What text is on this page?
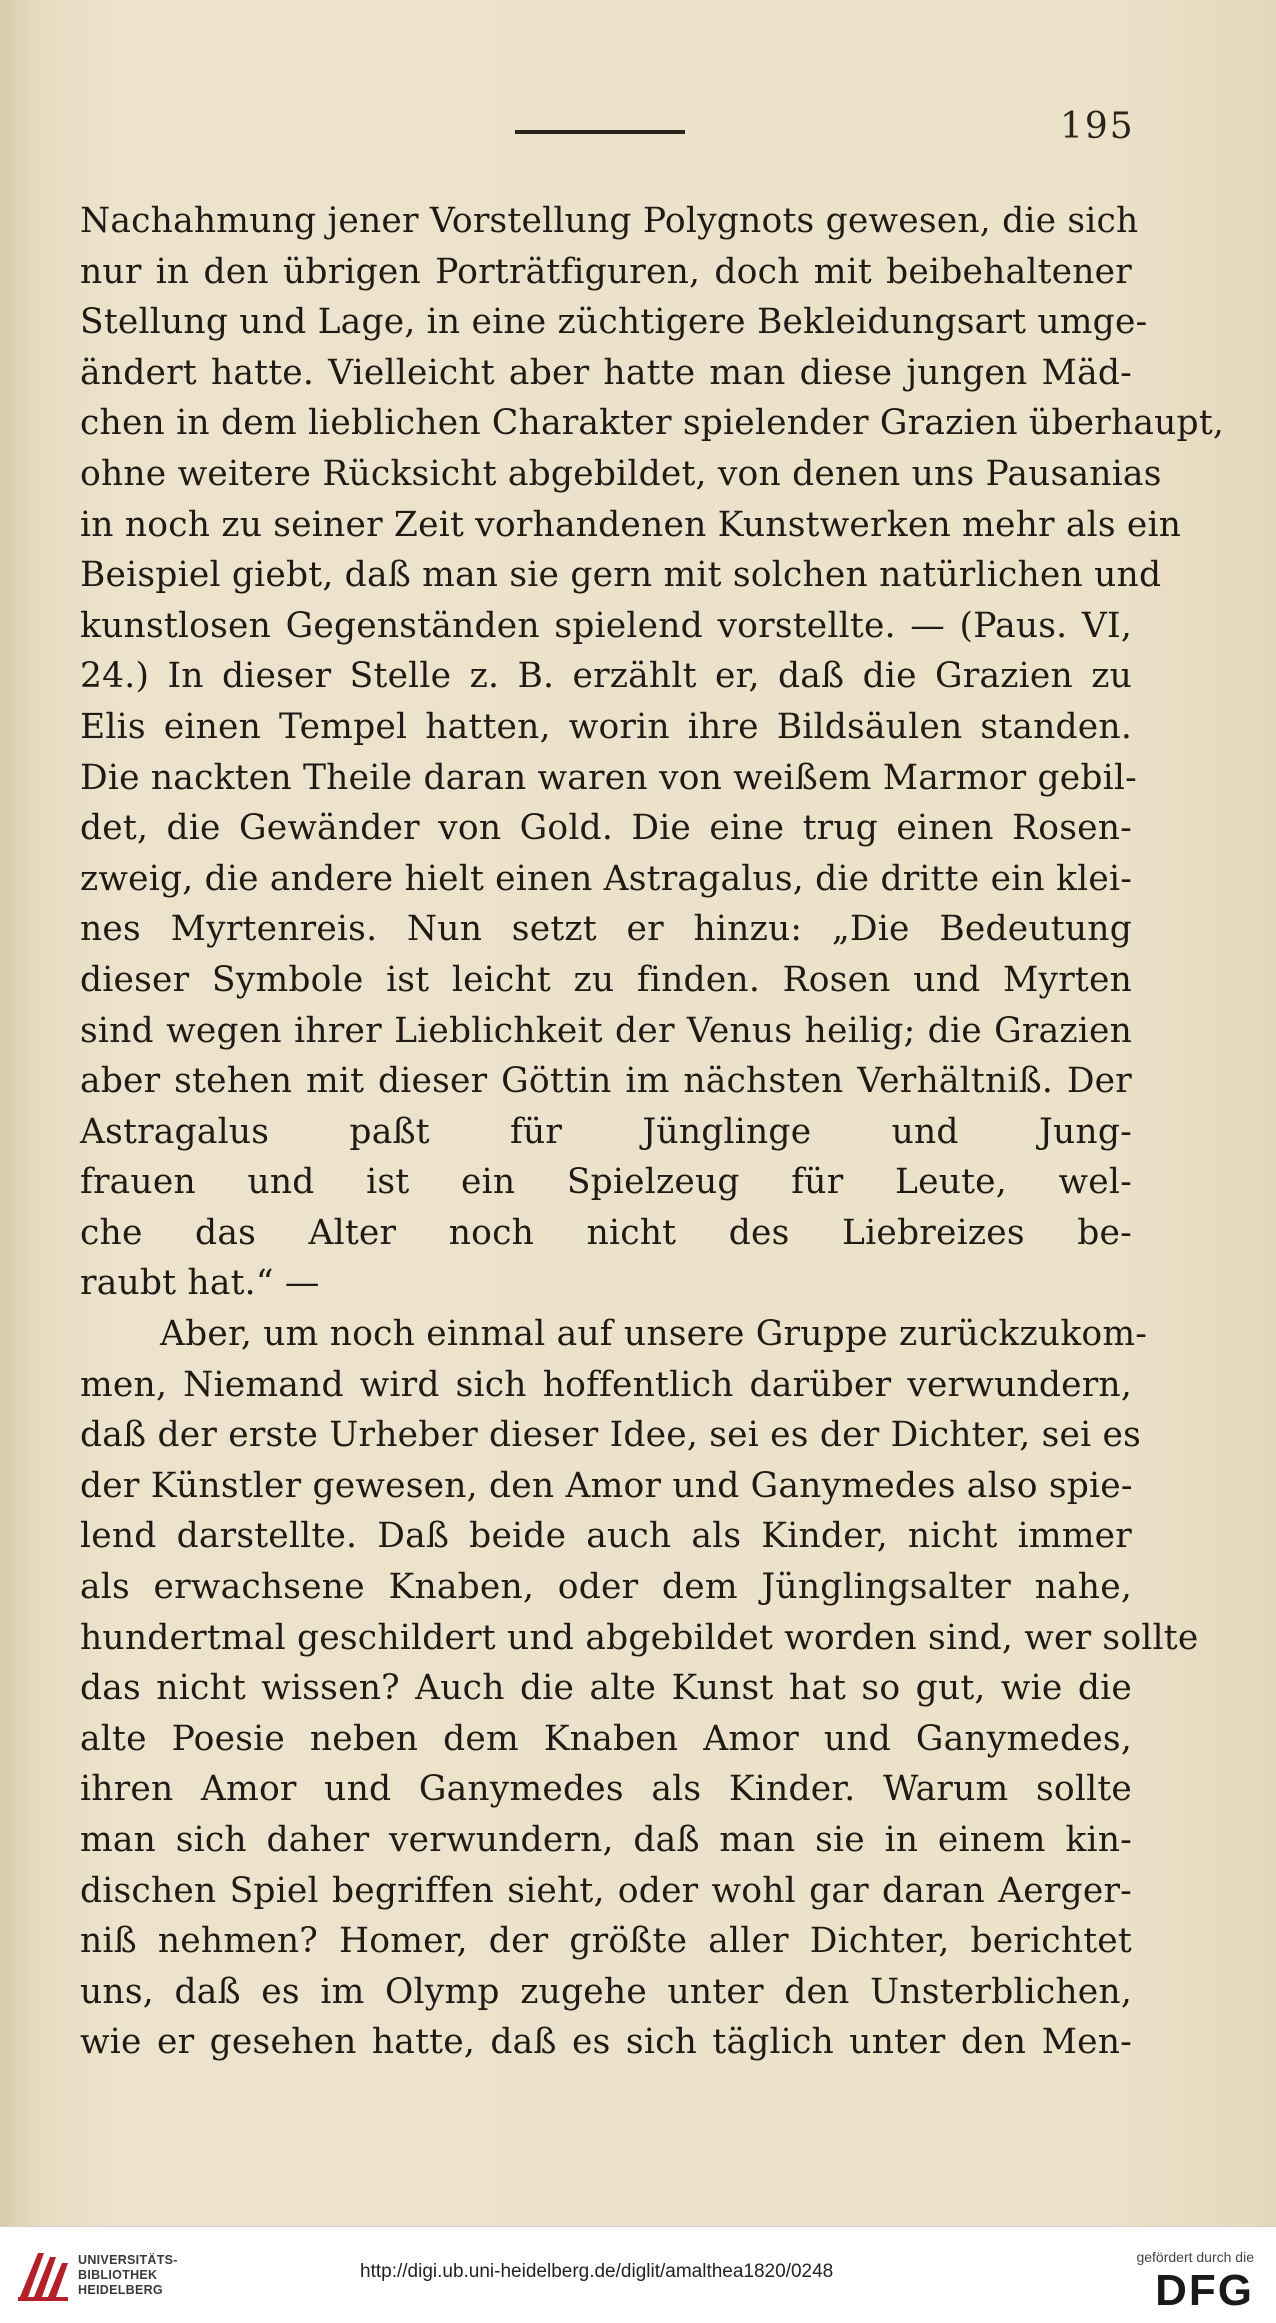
195
Nachahmung jener Vorstellung Polygnots gewesen, die sich
nur in den übrigen Porträtfiguren, doch mit beibehaltener
Stellung und Lage, in eine züchtigere Bekleidungsart umge-
ändert hatte. Vielleicht aber hatte man diese jungen Mäd-
chen in dem lieblichen Charakter spielender Grazien überhaupt,
ohne weitere Rücksicht abgebildet, von denen uns Pausanias
in noch zu seiner Zeit vorhandenen Kunstwerken mehr als ein
Beispiel giebt, daß man sie gern mit solchen natürlichen und
kunstlosen Gegenständen spielend vorstellte. — (Paus. VI,
24.) In dieser Stelle z. B. erzählt er, daß die Grazien zu
Elis einen Tempel hatten, worin ihre Bildsäulen standen.
Die nackten Theile daran waren von weißem Marmor gebil-
det, die Gewänder von Gold. Die eine trug einen Rosen-
zweig, die andere hielt einen Astragalus, die dritte ein klei-
nes Myrtenreis. Nun setzt er hinzu: „Die Bedeutung
dieser Symbole ist leicht zu finden. Rosen und Myrten
sind wegen ihrer Lieblichkeit der Venus heilig; die Grazien
aber stehen mit dieser Göttin im nächsten Verhältniß. Der
Astragalus paßt für Jünglinge und Jung-
frauen und ist ein Spielzeug für Leute, wel-
che das Alter noch nicht des Liebreizes be-
raubt hat.“ —
Aber, um noch einmal auf unsere Gruppe zurückzukom-
men, Niemand wird sich hoffentlich darüber verwundern,
daß der erste Urheber dieser Idee, sei es der Dichter, sei es
der Künstler gewesen, den Amor und Ganymedes also spie-
lend darstellte. Daß beide auch als Kinder, nicht immer
als erwachsene Knaben, oder dem Jünglingsalter nahe,
hundertmal geschildert und abgebildet worden sind, wer sollte
das nicht wissen? Auch die alte Kunst hat so gut, wie die
alte Poesie neben dem Knaben Amor und Ganymedes,
ihren Amor und Ganymedes als Kinder. Warum sollte
man sich daher verwundern, daß man sie in einem kin-
dischen Spiel begriffen sieht, oder wohl gar daran Aerger-
niß nehmen? Homer, der größte aller Dichter, berichtet
uns, daß es im Olymp zugehe unter den Unsterblichen,
wie er gesehen hatte, daß es sich täglich unter den Men-
UNIVERSITÄTS-
BIBLIOTHEK
HEIDELBERG
http://digi.ub.uni-heidelberg.de/diglit/amalthea1820/0248
gefördert durch die
DFG
